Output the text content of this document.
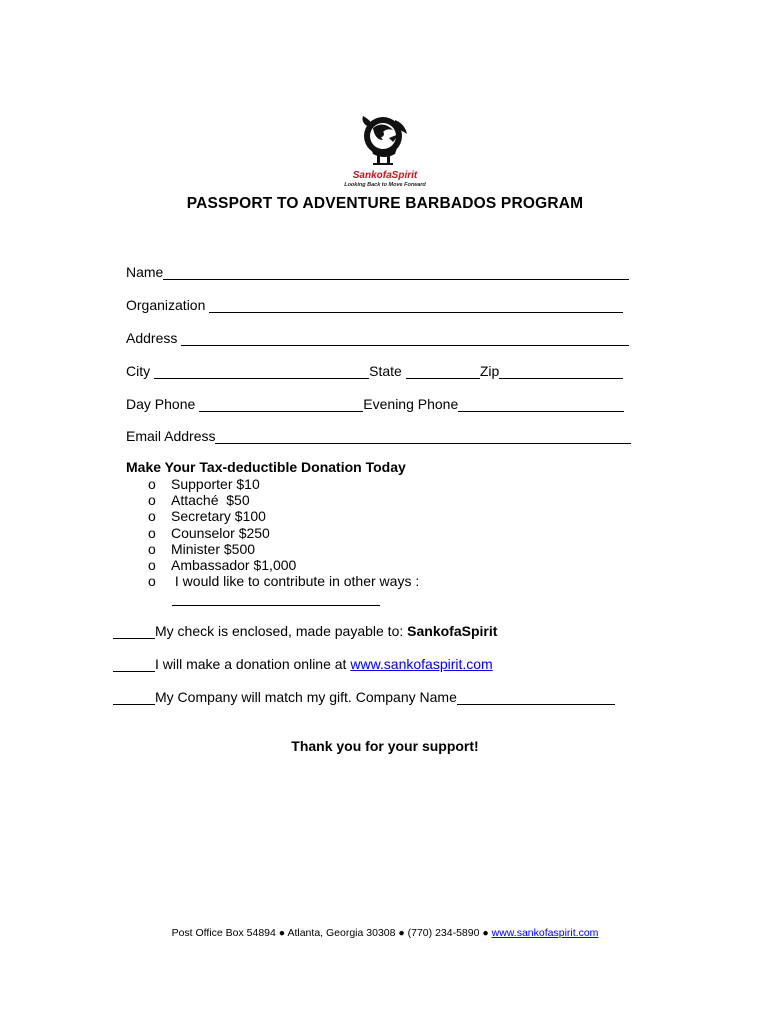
SankofaSpirit
Looking Back to Move Forward
PASSPORT TO ADVENTURE BARBADOS PROGRAM
Name
Organization
Address
City	State	Zip
Day Phone	Evening Phone
Email Address
Make Your Tax-deductible Donation Today
o	Supporter $10
o	Attaché  $50
o	Secretary $100
o	Counselor $250
o	Minister $500
o	Ambassador $1,000
o	I would like to contribute in other ways :
My check is enclosed, made payable to: SankofaSpirit
I will make a donation online at www.sankofaspirit.com
My Company will match my gift. Company Name
Thank you for your support!
Post Office Box 54894 ● Atlanta, Georgia 30308 ● (770) 234-5890 ● www.sankofaspirit.com
